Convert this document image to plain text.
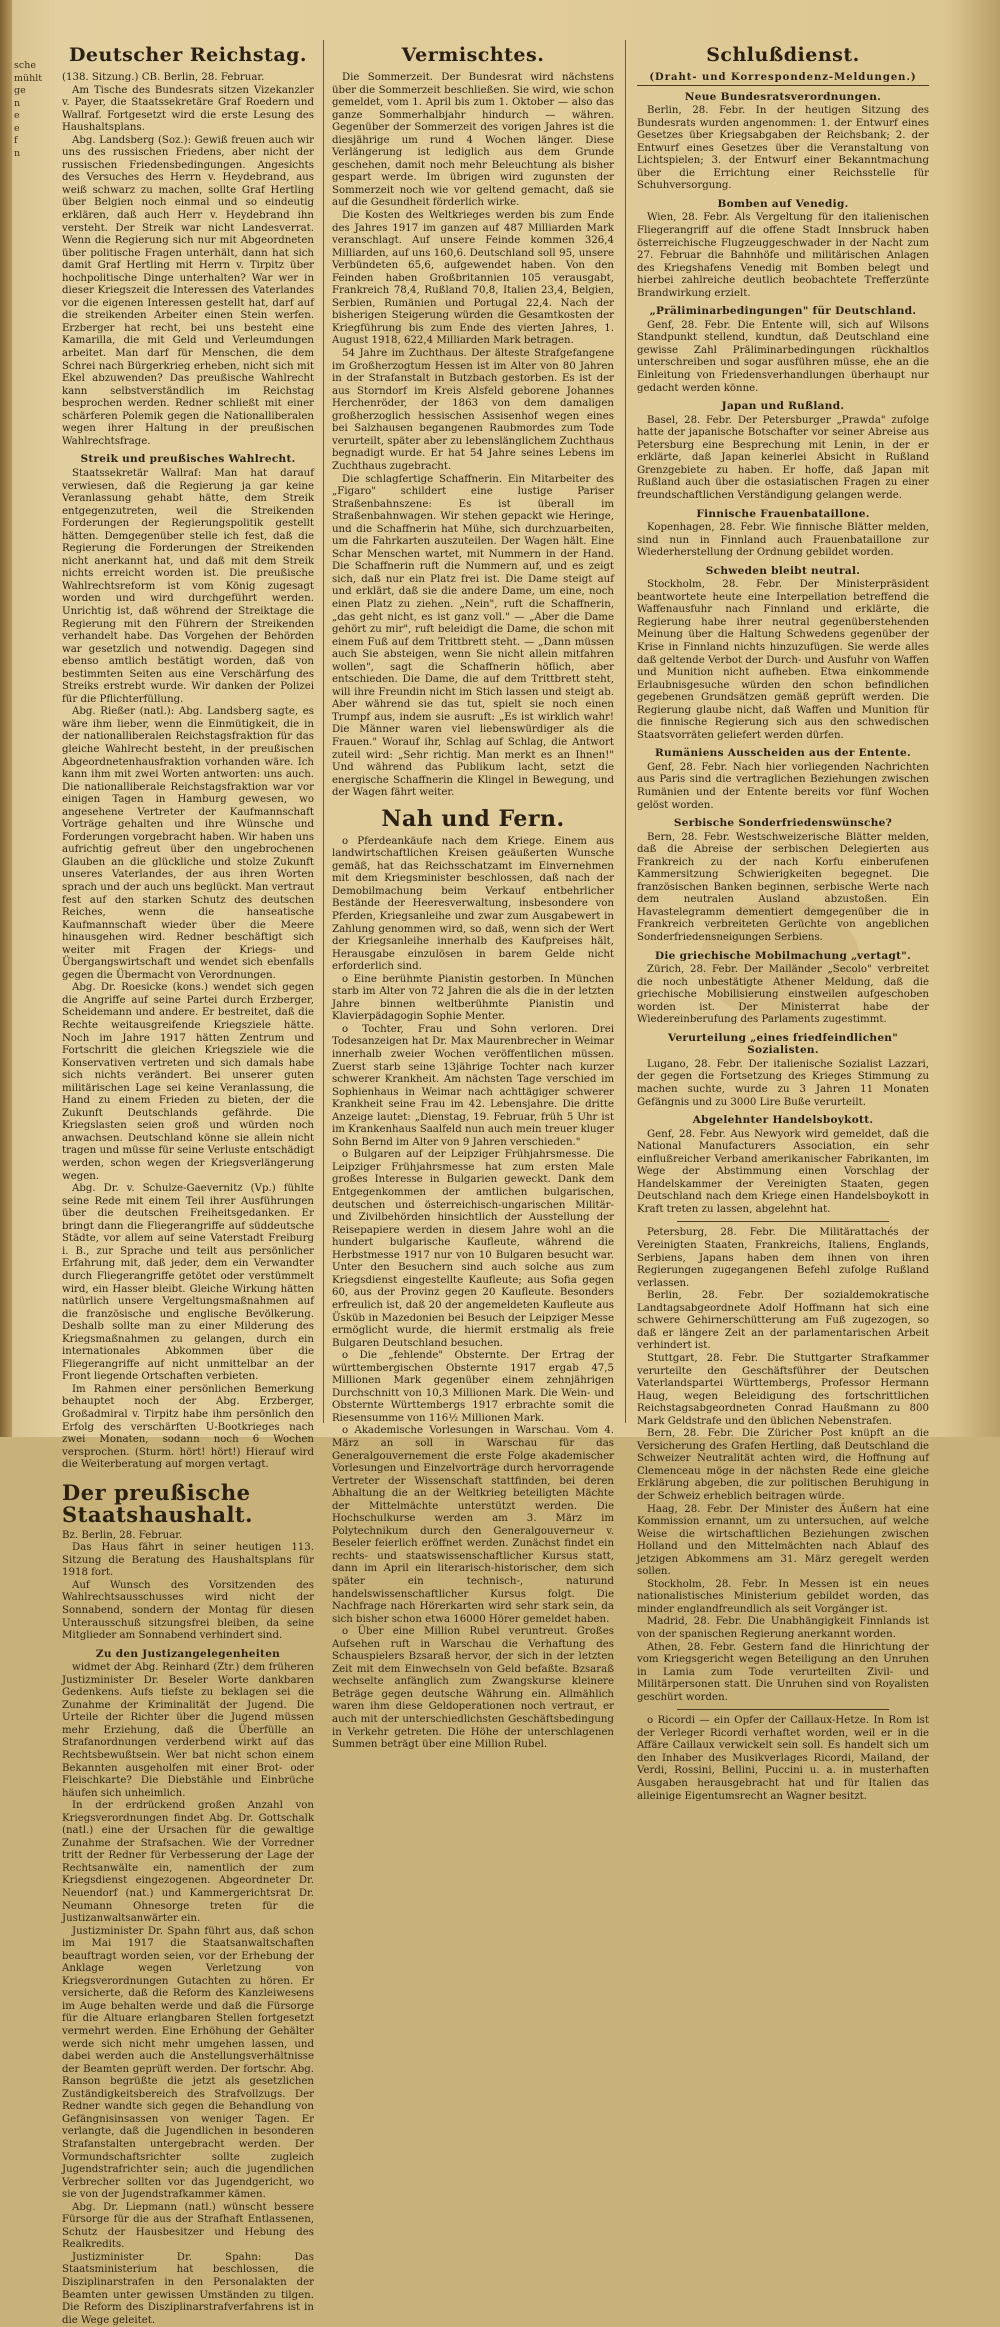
sche
mühlt
ge
n
e
e
f
n
Deutscher Reichstag.

(138. Sitzung.) CB. Berlin, 28. Februar.

Am Tische des Bundesrats sitzen Vizekanzler v. Payer, die Staatssekretäre Graf Roedern und Wallraf. Fortgesetzt wird die erste Lesung des Haushaltsplans.

Abg. Landsberg (Soz.): Gewiß freuen auch wir uns des russischen Friedens, aber nicht der russischen Friedensbedingungen. Angesichts des Versuches des Herrn v. Heydebrand, aus weiß schwarz zu machen, sollte Graf Hertling über Belgien noch einmal und so eindeutig erklären, daß auch Herr v. Heydebrand ihn versteht. Der Streik war nicht Landesverrat. Wenn die Regierung sich nur mit Abgeordneten über politische Fragen unterhält, dann hat sich damit Graf Hertling mit Herrn v. Tirpitz über hochpolitische Dinge unterhalten? War wer in dieser Kriegszeit die Interessen des Vaterlandes vor die eigenen Interessen gestellt hat, darf auf die streikenden Arbeiter einen Stein werfen. Erzberger hat recht, bei uns besteht eine Kamarilla, die mit Geld und Verleumdungen arbeitet. Man darf für Menschen, die dem Schrei nach Bürgerkrieg erheben, nicht sich mit Ekel abzuwenden? Das preußische Wahlrecht kann selbstverständlich im Reichstag besprochen werden. Redner schließt mit einer schärferen Polemik gegen die Nationalliberalen wegen ihrer Haltung in der preußischen Wahlrechtsfrage.

Streik und preußisches Wahlrecht.

Staatssekretär Wallraf: Man hat darauf verwiesen, daß die Regierung ja gar keine Veranlassung gehabt hätte, dem Streik entgegenzutreten, weil die Streikenden Forderungen der Regierungspolitik gestellt hätten. Demgegenüber stelle ich fest, daß die Regierung die Forderungen der Streikenden nicht anerkannt hat, und daß mit dem Streik nichts erreicht worden ist. Die preußische Wahlrechtsreform ist vom König zugesagt worden und wird durchgeführt werden. Unrichtig ist, daß wöhrend der Streiktage die Regierung mit den Führern der Streikenden verhandelt habe. Das Vorgehen der Behörden war gesetzlich und notwendig. Dagegen sind ebenso amtlich bestätigt worden, daß von bestimmten Seiten aus eine Verschärfung des Streiks erstrebt wurde. Wir danken der Polizei für die Pflichterfüllung.

Abg. Rießer (natl.): Abg. Landsberg sagte, es wäre ihm lieber, wenn die Einmütigkeit, die in der nationalliberalen Reichstagsfraktion für das gleiche Wahlrecht besteht, in der preußischen Abgeordnetenhausfraktion vorhanden wäre. Ich kann ihm mit zwei Worten antworten: uns auch. Die nationalliberale Reichstagsfraktion war vor einigen Tagen in Hamburg gewesen, wo angesehene Vertreter der Kaufmannschaft Vorträge gehalten und ihre Wünsche und Forderungen vorgebracht haben. Wir haben uns aufrichtig gefreut über den ungebrochenen Glauben an die glückliche und stolze Zukunft unseres Vaterlandes, der aus ihren Worten sprach und der auch uns beglückt. Man vertraut fest auf den starken Schutz des deutschen Reiches, wenn die hanseatische Kaufmannschaft wieder über die Meere hinausgehen wird. Redner beschäftigt sich weiter mit Fragen der Kriegs- und Übergangswirtschaft und wendet sich ebenfalls gegen die Übermacht von Verordnungen.

Abg. Dr. Roesicke (kons.) wendet sich gegen die Angriffe auf seine Partei durch Erzberger, Scheidemann und andere. Er bestreitet, daß die Rechte weitausgreifende Kriegsziele hätte. Noch im Jahre 1917 hätten Zentrum und Fortschritt die gleichen Kriegsziele wie die Konservativen vertreten und sich damals habe sich nichts verändert. Bei unserer guten militärischen Lage sei keine Veranlassung, die Hand zu einem Frieden zu bieten, der die Zukunft Deutschlands gefährde. Die Kriegslasten seien groß und würden noch anwachsen. Deutschland könne sie allein nicht tragen und müsse für seine Verluste entschädigt werden, schon wegen der Kriegsverlängerung wegen.

Abg. Dr. v. Schulze-Gaevernitz (Vp.) fühlte seine Rede mit einem Teil ihrer Ausführungen über die deutschen Freiheitsgedanken. Er bringt dann die Fliegerangriffe auf süddeutsche Städte, vor allem auf seine Vaterstadt Freiburg i. B., zur Sprache und teilt aus persönlicher Erfahrung mit, daß jeder, dem ein Verwandter durch Fliegerangriffe getötet oder verstümmelt wird, ein Hasser bleibt. Gleiche Wirkung hätten natürlich unsere Vergeltungsmaßnahmen auf die französische und englische Bevölkerung. Deshalb sollte man zu einer Milderung des Kriegsmaßnahmen zu gelangen, durch ein internationales Abkommen über die Fliegerangriffe auf nicht unmittelbar an der Front liegende Ortschaften verbieten.

Im Rahmen einer persönlichen Bemerkung behauptet noch der Abg. Erzberger, Großadmiral v. Tirpitz habe ihm persönlich den Erfolg des verschärften U-Bootkrieges nach zwei Monaten, sodann noch 6 Wochen versprochen. (Sturm. hört! hört!) Hierauf wird die Weiterberatung auf morgen vertagt.

Der preußische Staatshaushalt.

Bz. Berlin, 28. Februar.

Das Haus fährt in seiner heutigen 113. Sitzung die Beratung des Haushaltsplans für 1918 fort.

Auf Wunsch des Vorsitzenden des Wahlrechtsausschusses wird nicht der Sonnabend, sondern der Montag für diesen Unterausschuß sitzungsfrei bleiben, da seine Mitglieder am Sonnabend verhindert sind.

Zu den Justizangelegenheiten

widmet der Abg. Reinhard (Ztr.) dem früheren Justizminister Dr. Beseler Worte dankbaren Gedenkens. Aufs tiefste zu beklagen sei die Zunahme der Kriminalität der Jugend. Die Urteile der Richter über die Jugend müssen mehr Erziehung, daß die Überfülle an Strafanordnungen verderbend wirkt auf das Rechtsbewußtsein. Wer bat nicht schon einem Bekannten ausgeholfen mit einer Brot- oder Fleischkarte? Die Diebstähle und Einbrüche häufen sich unheimlich.

In der erdrückend großen Anzahl von Kriegsverordnungen findet Abg. Dr. Gottschalk (natl.) eine der Ursachen für die gewaltige Zunahme der Strafsachen. Wie der Vorredner tritt der Redner für Verbesserung der Lage der Rechtsanwälte ein, namentlich der zum Kriegsdienst eingezogenen. Abgeordneter Dr. Neuendorf (nat.) und Kammergerichtsrat Dr. Neumann Ohnesorge treten für die Justizanwaltsanwärter ein.

Justizminister Dr. Spahn führt aus, daß schon im Mai 1917 die Staatsanwaltschaften beauftragt worden seien, vor der Erhebung der Anklage wegen Verletzung von Kriegsverordnungen Gutachten zu hören. Er versicherte, daß die Reform des Kanzleiwesens im Auge behalten werde und daß die Fürsorge für die Altuare erlangbaren Stellen fortgesetzt vermehrt werden. Eine Erhöhung der Gehälter werde sich nicht mehr umgehen lassen, und dabei werden auch die Anstellungsverhältnisse der Beamten geprüft werden. Der fortschr. Abg. Ranson begrüßte die jetzt als gesetzlichen Zuständigkeitsbereich des Strafvollzugs. Der Redner wandte sich gegen die Behandlung von Gefängnisinsassen von weniger Tagen. Er verlangte, daß die Jugendlichen in besonderen Strafanstalten untergebracht werden. Der Vormundschaftsrichter sollte zugleich Jugendstrafrichter sein; auch die jugendlichen Verbrecher sollten vor das Jugendgericht, wo sie von der Jugendstrafkammer kämen.

Abg. Dr. Liepmann (natl.) wünscht bessere Fürsorge für die aus der Strafhaft Entlassenen, Schutz der Hausbesitzer und Hebung des Realkredits.

Justizminister Dr. Spahn: Das Staatsministerium hat beschlossen, die Disziplinarstrafen in den Personalakten der Beamten unter gewissen Umständen zu tilgen. Die Reform des Disziplinarstrafverfahrens ist in die Wege geleitet.

Vermischtes.

Die Sommerzeit. Der Bundesrat wird nächstens über die Sommerzeit beschließen. Sie wird, wie schon gemeldet, vom 1. April bis zum 1. Oktober — also das ganze Sommerhalbjahr hindurch — währen. Gegenüber der Sommerzeit des vorigen Jahres ist die diesjährige um rund 4 Wochen länger. Diese Verlängerung ist lediglich aus dem Grunde geschehen, damit noch mehr Beleuchtung als bisher gespart werde. Im übrigen wird zugunsten der Sommerzeit noch wie vor geltend gemacht, daß sie auf die Gesundheit förderlich wirke.

Die Kosten des Weltkrieges werden bis zum Ende des Jahres 1917 im ganzen auf 487 Milliarden Mark veranschlagt. Auf unsere Feinde kommen 326,4 Milliarden, auf uns 160,6. Deutschland soll 95, unsere Verbündeten 65,6, aufgewendet haben. Von den Feinden haben Großbritannien 105 verausgabt, Frankreich 78,4, Rußland 70,8, Italien 23,4, Belgien, Serbien, Rumänien und Portugal 22,4. Nach der bisherigen Steigerung würden die Gesamtkosten der Kriegführung bis zum Ende des vierten Jahres, 1. August 1918, 622,4 Milliarden Mark betragen.

54 Jahre im Zuchthaus. Der älteste Strafgefangene im Großherzogtum Hessen ist im Alter von 80 Jahren in der Strafanstalt in Butzbach gestorben. Es ist der aus Storndorf im Kreis Alsfeld geborene Johannes Herchenröder, der 1863 von dem damaligen großherzoglich hessischen Assisenhof wegen eines bei Salzhausen begangenen Raubmordes zum Tode verurteilt, später aber zu lebenslänglichem Zuchthaus begnadigt wurde. Er hat 54 Jahre seines Lebens im Zuchthaus zugebracht.

Die schlagfertige Schaffnerin. Ein Mitarbeiter des „Figaro" schildert eine lustige Pariser Straßenbahnszene: Es ist überall im Straßenbahnwagen. Wir stehen gepackt wie Heringe, und die Schaffnerin hat Mühe, sich durchzuarbeiten, um die Fahrkarten auszuteilen. Der Wagen hält. Eine Schar Menschen wartet, mit Nummern in der Hand. Die Schaffnerin ruft die Nummern auf, und es zeigt sich, daß nur ein Platz frei ist. Die Dame steigt auf und erklärt, daß sie die andere Dame, um eine, noch einen Platz zu ziehen. „Nein", ruft die Schaffnerin, „das geht nicht, es ist ganz voll." — „Aber die Dame gehört zu mir", ruft beleidigt die Dame, die schon mit einem Fuß auf dem Trittbrett steht. — „Dann müssen auch Sie absteigen, wenn Sie nicht allein mitfahren wollen", sagt die Schaffnerin höflich, aber entschieden. Die Dame, die auf dem Trittbrett steht, will ihre Freundin nicht im Stich lassen und steigt ab. Aber während sie das tut, spielt sie noch einen Trumpf aus, indem sie ausruft: „Es ist wirklich wahr! Die Männer waren viel liebenswürdiger als die Frauen." Worauf ihr, Schlag auf Schlag, die Antwort zuteil wird: „Sehr richtig. Man merkt es an Ihnen!" Und während das Publikum lacht, setzt die energische Schaffnerin die Klingel in Bewegung, und der Wagen fährt weiter.

Nah und Fern.

o Pferdeankäufe nach dem Kriege. Einem aus landwirtschaftlichen Kreisen geäußerten Wunsche gemäß, hat das Reichsschatzamt im Einvernehmen mit dem Kriegsminister beschlossen, daß nach der Demobilmachung beim Verkauf entbehrlicher Bestände der Heeresverwaltung, insbesondere von Pferden, Kriegsanleihe und zwar zum Ausgabewert in Zahlung genommen wird, so daß, wenn sich der Wert der Kriegsanleihe innerhalb des Kaufpreises hält, Herausgabe einzulösen in barem Gelde nicht erforderlich sind.

o Eine berühmte Pianistin gestorben. In München starb im Alter von 72 Jahren die als die in der letzten Jahre binnen weltberühmte Pianistin und Klavierpädagogin Sophie Menter.

o Tochter, Frau und Sohn verloren. Drei Todesanzeigen hat Dr. Max Maurenbrecher in Weimar innerhalb zweier Wochen veröffentlichen müssen. Zuerst starb seine 13jährige Tochter nach kurzer schwerer Krankheit. Am nächsten Tage verschied im Sophienhaus in Weimar nach achttägiger schwerer Krankheit seine Frau im 42. Lebensjahre. Die dritte Anzeige lautet: „Dienstag, 19. Februar, früh 5 Uhr ist im Krankenhaus Saalfeld nun auch mein treuer kluger Sohn Bernd im Alter von 9 Jahren verschieden."

o Bulgaren auf der Leipziger Frühjahrsmesse. Die Leipziger Frühjahrsmesse hat zum ersten Male großes Interesse in Bulgarien geweckt. Dank dem Entgegenkommen der amtlichen bulgarischen, deutschen und österreichisch-ungarischen Militär- und Zivilbehörden hinsichtlich der Ausstellung der Reisepapiere werden in diesem Jahre wohl an die hundert bulgarische Kaufleute, während die Herbstmesse 1917 nur von 10 Bulgaren besucht war. Unter den Besuchern sind auch solche aus zum Kriegsdienst eingestellte Kaufleute; aus Sofia gegen 60, aus der Provinz gegen 20 Kaufleute. Besonders erfreulich ist, daß 20 der angemeldeten Kaufleute aus Üsküb in Mazedonien bei Besuch der Leipziger Messe ermöglicht wurde, die hiermit erstmalig als freie Bulgaren Deutschland besuchen.

o Die „fehlende" Obsternte. Der Ertrag der württembergischen Obsternte 1917 ergab 47,5 Millionen Mark gegenüber einem zehnjährigen Durchschnitt von 10,3 Millionen Mark. Die Wein- und Obsternte Württembergs 1917 erbrachte somit die Riesensumme von 116½ Millionen Mark.

o Akademische Vorlesungen in Warschau. Vom 4. März an soll in Warschau für das Generalgouvernement die erste Folge akademischer Vorlesungen und Einzelvorträge durch hervorragende Vertreter der Wissenschaft stattfinden, bei deren Abhaltung die an der Weltkrieg beteiligten Mächte der Mittelmächte unterstützt werden. Die Hochschulkurse werden am 3. März im Polytechnikum durch den Generalgouverneur v. Beseler feierlich eröffnet werden. Zunächst findet ein rechts- und staatswissenschaftlicher Kursus statt, dann im April ein literarisch-historischer, dem sich später ein technisch-, naturund handelswissenschaftlicher Kursus folgt. Die Nachfrage nach Hörerkarten wird sehr stark sein, da sich bisher schon etwa 16000 Hörer gemeldet haben.

o Über eine Million Rubel veruntreut. Großes Aufsehen ruft in Warschau die Verhaftung des Schauspielers Bzsaraß hervor, der sich in der letzten Zeit mit dem Einwechseln von Geld befaßte. Bzsaraß wechselte anfänglich zum Zwangskurse kleinere Beträge gegen deutsche Währung ein. Allmählich waren ihm diese Geldoperationen noch vertraut, er auch mit der unterschiedlichsten Geschäftsbedingung in Verkehr getreten. Die Höhe der unterschlagenen Summen beträgt über eine Million Rubel.

Schlußdienst.
(Draht- und Korrespondenz-Meldungen.)
Neue Bundesratsverordnungen.

Berlin, 28. Febr. In der heutigen Sitzung des Bundesrats wurden angenommen: 1. der Entwurf eines Gesetzes über Kriegsabgaben der Reichsbank; 2. der Entwurf eines Gesetzes über die Veranstaltung von Lichtspielen; 3. der Entwurf einer Bekanntmachung über die Errichtung einer Reichsstelle für Schuhversorgung.

Bomben auf Venedig.

Wien, 28. Febr. Als Vergeltung für den italienischen Fliegerangriff auf die offene Stadt Innsbruck haben österreichische Flugzeuggeschwader in der Nacht zum 27. Februar die Bahnhöfe und militärischen Anlagen des Kriegshafens Venedig mit Bomben belegt und hierbei zahlreiche deutlich beobachtete Trefferzünte Brandwirkung erzielt.

„Präliminarbedingungen" für Deutschland.

Genf, 28. Febr. Die Entente will, sich auf Wilsons Standpunkt stellend, kundtun, daß Deutschland eine gewisse Zahl Präliminarbedingungen rückhaltlos unterschreiben und sogar ausführen müsse, ehe an die Einleitung von Friedensverhandlungen überhaupt nur gedacht werden könne.

Japan und Rußland.

Basel, 28. Febr. Der Petersburger „Prawda" zufolge hatte der japanische Botschafter vor seiner Abreise aus Petersburg eine Besprechung mit Lenin, in der er erklärte, daß Japan keinerlei Absicht in Rußland Grenzgebiete zu haben. Er hoffe, daß Japan mit Rußland auch über die ostasiatischen Fragen zu einer freundschaftlichen Verständigung gelangen werde.

Finnische Frauenbataillone.

Kopenhagen, 28. Febr. Wie finnische Blätter melden, sind nun in Finnland auch Frauenbataillone zur Wiederherstellung der Ordnung gebildet worden.

Schweden bleibt neutral.

Stockholm, 28. Febr. Der Ministerpräsident beantwortete heute eine Interpellation betreffend die Waffenausfuhr nach Finnland und erklärte, die Regierung habe ihrer neutral gegenüberstehenden Meinung über die Haltung Schwedens gegenüber der Krise in Finnland nichts hinzuzufügen. Sie werde alles daß geltende Verbot der Durch- und Ausfuhr von Waffen und Munition nicht aufheben. Etwa einkommende Erlaubnisgesuche würden den schon befindlichen gegebenen Grundsätzen gemäß geprüft werden. Die Regierung glaube nicht, daß Waffen und Munition für die finnische Regierung sich aus den schwedischen Staatsvorräten geliefert werden dürfen.

Rumäniens Ausscheiden aus der Entente.

Genf, 28. Febr. Nach hier vorliegenden Nachrichten aus Paris sind die vertraglichen Beziehungen zwischen Rumänien und der Entente bereits vor fünf Wochen gelöst worden.

Serbische Sonderfriedenswünsche?

Bern, 28. Febr. Westschweizerische Blätter melden, daß die Abreise der serbischen Delegierten aus Frankreich zu der nach Korfu einberufenen Kammersitzung Schwierigkeiten begegnet. Die französischen Banken beginnen, serbische Werte nach dem neutralen Ausland abzustoßen. Ein Havastelegramm dementiert demgegenüber die in Frankreich verbreiteten Gerüchte von angeblichen Sonderfriedensneigungen Serbiens.

Die griechische Mobilmachung „vertagt".

Zürich, 28. Febr. Der Mailänder „Secolo" verbreitet die noch unbestätigte Athener Meldung, daß die griechische Mobilisierung einstweilen aufgeschoben worden ist. Der Ministerrat habe der Wiedereinberufung des Parlaments zugestimmt.

Verurteilung „eines friedfeindlichen" Sozialisten.

Lugano, 28. Febr. Der italienische Sozialist Lazzari, der gegen die Fortsetzung des Krieges Stimmung zu machen suchte, wurde zu 3 Jahren 11 Monaten Gefängnis und zu 3000 Lire Buße verurteilt.

Abgelehnter Handelsboykott.

Genf, 28. Febr. Aus Newyork wird gemeldet, daß die National Manufacturers Association, ein sehr einflußreicher Verband amerikanischer Fabrikanten, im Wege der Abstimmung einen Vorschlag der Handelskammer der Vereinigten Staaten, gegen Deutschland nach dem Kriege einen Handelsboykott in Kraft treten zu lassen, abgelehnt hat.

Petersburg, 28. Febr. Die Militärattachés der Vereinigten Staaten, Frankreichs, Italiens, Englands, Serbiens, Japans haben dem ihnen von ihren Regierungen zugegangenen Befehl zufolge Rußland verlassen.

Berlin, 28. Febr. Der sozialdemokratische Landtagsabgeordnete Adolf Hoffmann hat sich eine schwere Gehirnerschütterung am Fuß zugezogen, so daß er längere Zeit an der parlamentarischen Arbeit verhindert ist.

Stuttgart, 28. Febr. Die Stuttgarter Strafkammer verurteilte den Geschäftsführer der Deutschen Vaterlandspartei Württembergs, Professor Hermann Haug, wegen Beleidigung des fortschrittlichen Reichstagsabgeordneten Conrad Haußmann zu 800 Mark Geldstrafe und den üblichen Nebenstrafen.

Bern, 28. Febr. Die Züricher Post knüpft an die Versicherung des Grafen Hertling, daß Deutschland die Schweizer Neutralität achten wird, die Hoffnung auf Clemenceau möge in der nächsten Rede eine gleiche Erklärung abgeben, die zur politischen Beruhigung in der Schweiz erheblich beitragen würde.

Haag, 28. Febr. Der Minister des Äußern hat eine Kommission ernannt, um zu untersuchen, auf welche Weise die wirtschaftlichen Beziehungen zwischen Holland und den Mittelmächten nach Ablauf des jetzigen Abkommens am 31. März geregelt werden sollen.

Stockholm, 28. Febr. In Messen ist ein neues nationalistisches Ministerium gebildet worden, das minder englandfreundlich als seit Vorgänger ist.

Madrid, 28. Febr. Die Unabhängigkeit Finnlands ist von der spanischen Regierung anerkannt worden.

Athen, 28. Febr. Gestern fand die Hinrichtung der vom Kriegsgericht wegen Beteiligung an den Unruhen in Lamia zum Tode verurteilten Zivil- und Militärpersonen statt. Die Unruhen sind von Royalisten geschürt worden.

o Ricordi — ein Opfer der Caillaux-Hetze. In Rom ist der Verleger Ricordi verhaftet worden, weil er in die Affäre Caillaux verwickelt sein soll. Es handelt sich um den Inhaber des Musikverlages Ricordi, Mailand, der Verdi, Rossini, Bellini, Puccini u. a. in musterhaften Ausgaben herausgebracht hat und für Italien das alleinige Eigentumsrecht an Wagner besitzt.
